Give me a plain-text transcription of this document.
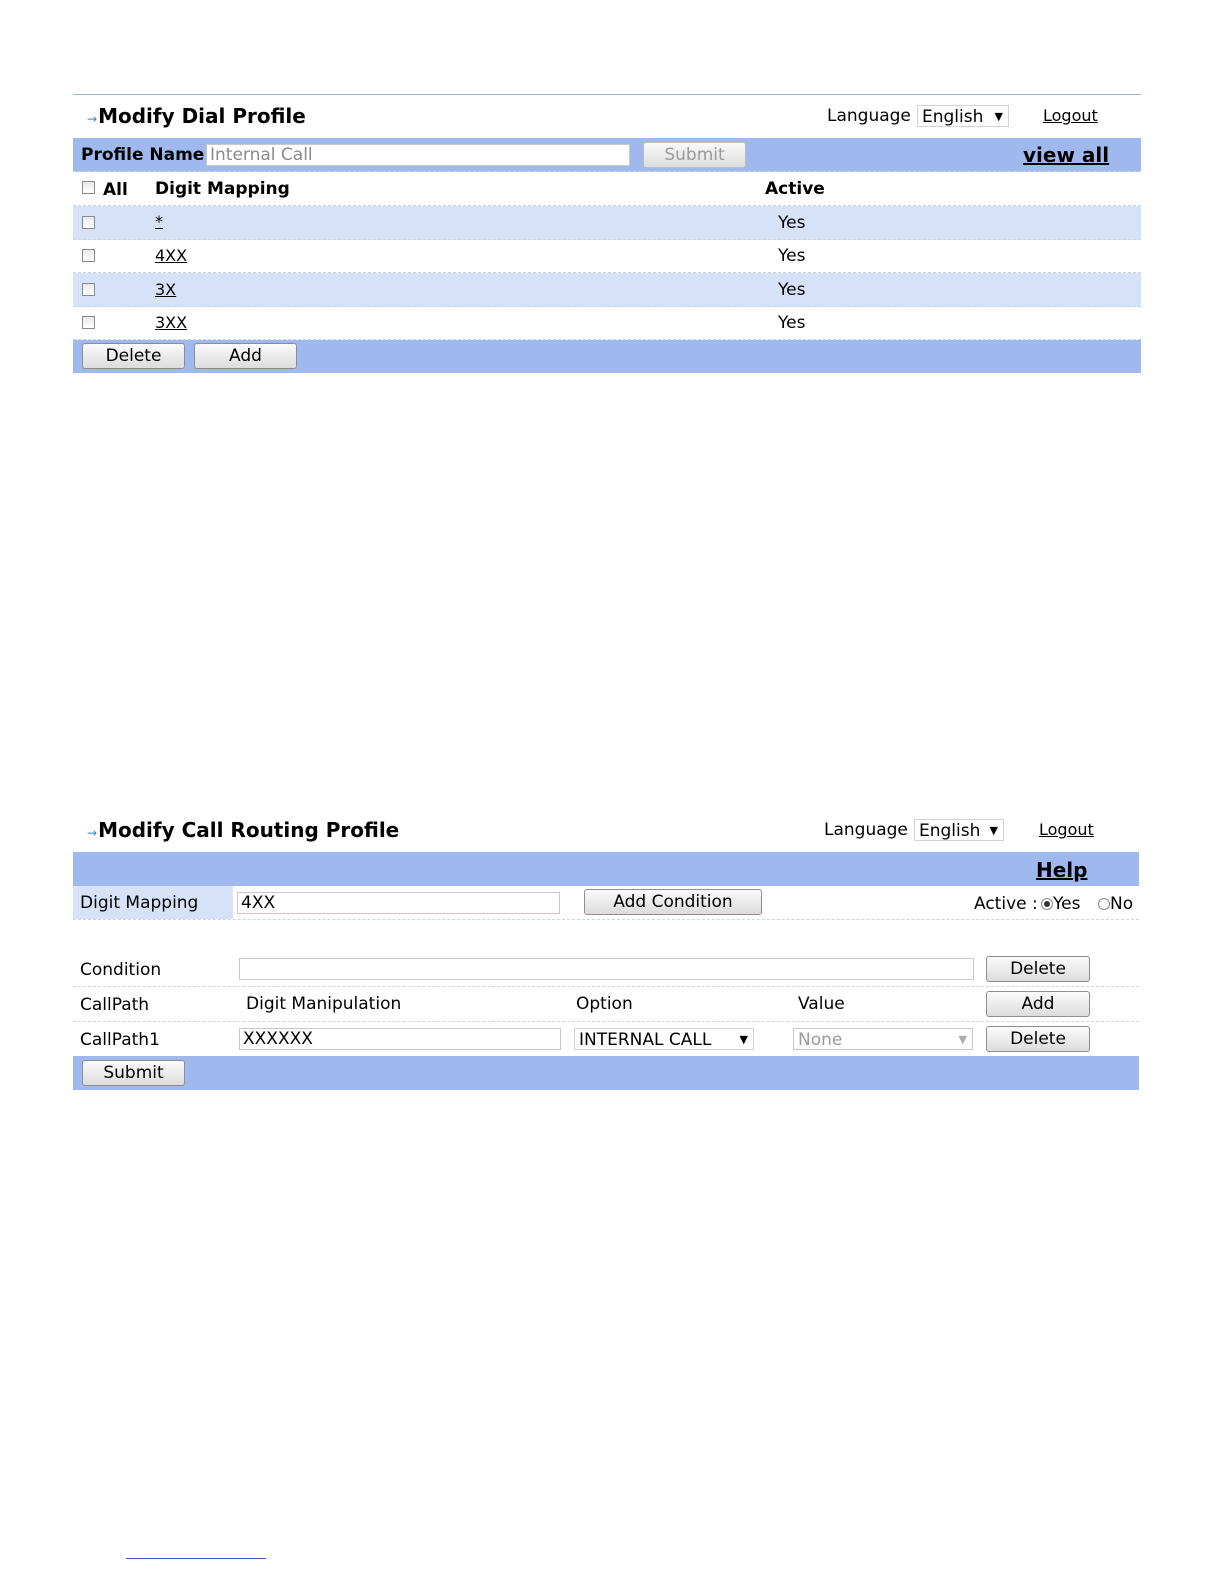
→Modify Dial Profile	Language English ▼	Logout
Profile Name Internal Call	Submit	view all
All Digit Mapping	Active
*	Yes
4XX	Yes
3X	Yes
3XX	Yes
Delete	Add
→Modify Call Routing Profile	Language English ▼	Logout
Help
Digit Mapping	4XX	Add Condition	Active : Yes	No
Condition	Delete
CallPath	Digit Manipulation	Option	Value	Add
CallPath1	XXXXXX	INTERNAL CALL	▼	None	▼	Delete
Submit
